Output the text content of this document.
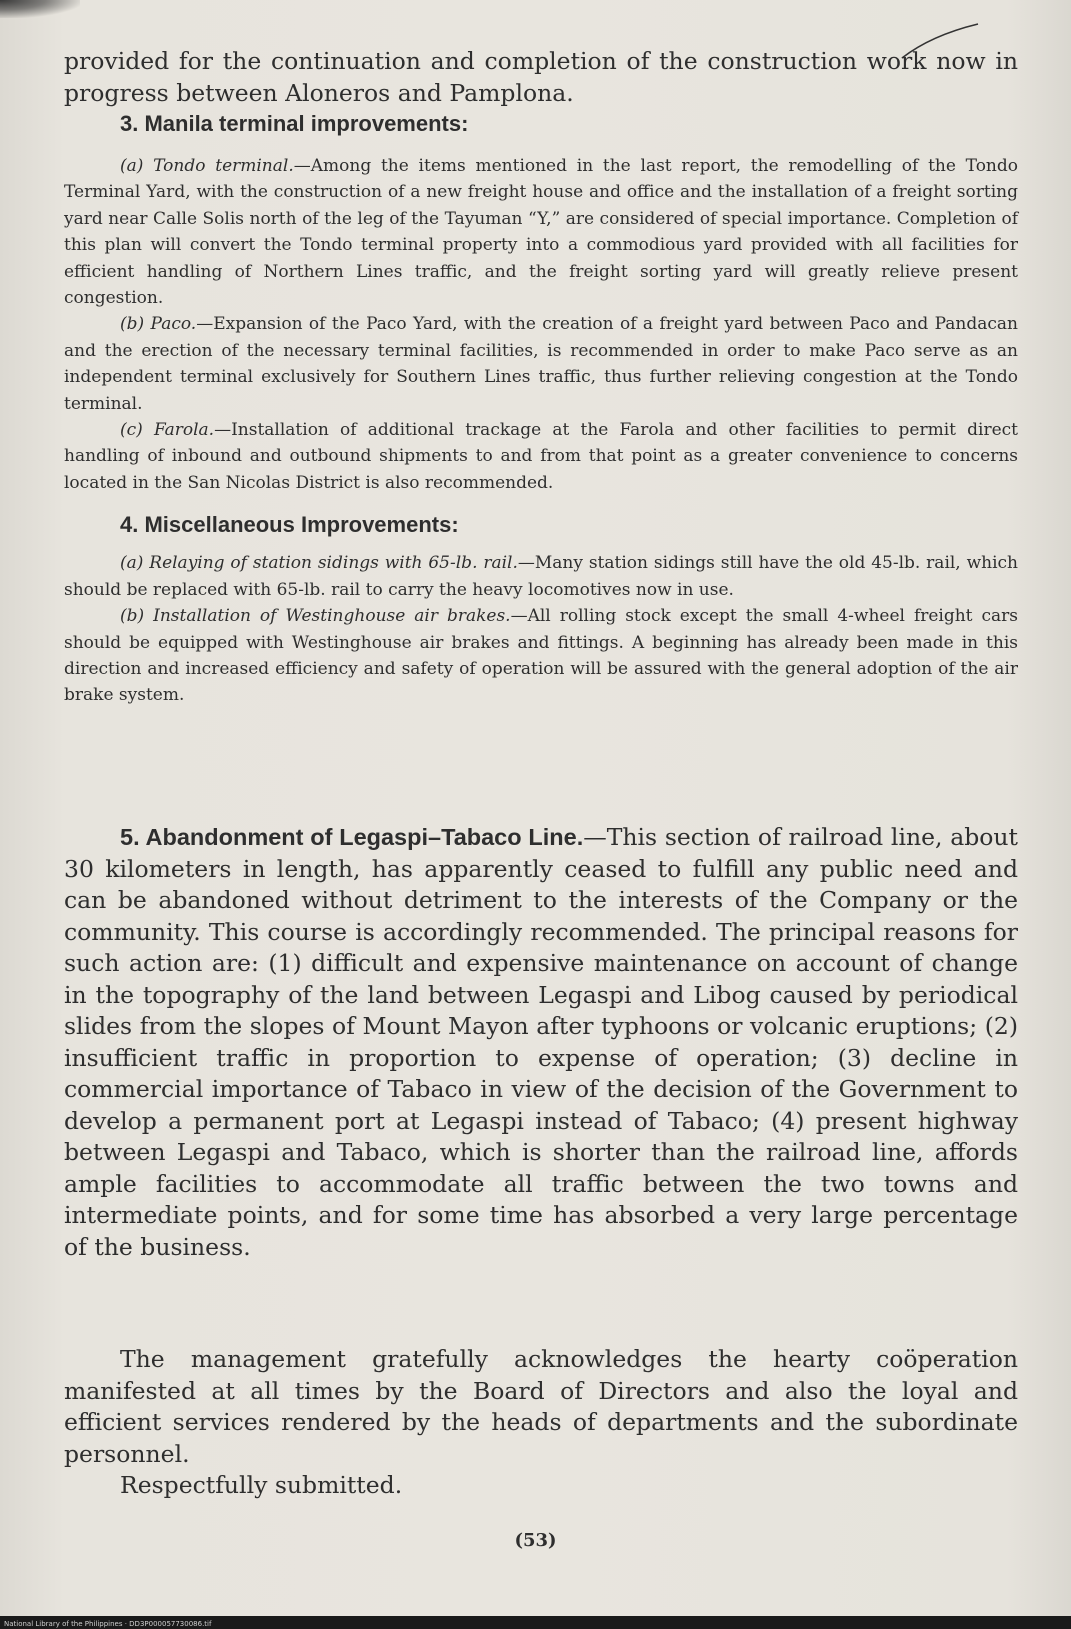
provided for the continuation and completion of the construction work now in progress between Aloneros and Pamplona.

3. Manila terminal improvements:

(a) Tondo terminal.—Among the items mentioned in the last report, the remodelling of the Tondo Terminal Yard, with the construction of a new freight house and office and the installation of a freight sorting yard near Calle Solis north of the leg of the Tayuman “Y,” are considered of special importance. Completion of this plan will convert the Tondo terminal property into a commodious yard provided with all facilities for efficient handling of Northern Lines traffic, and the freight sorting yard will greatly relieve present congestion.

(b) Paco.—Expansion of the Paco Yard, with the creation of a freight yard between Paco and Pandacan and the erection of the necessary terminal facilities, is recommended in order to make Paco serve as an independent terminal exclusively for Southern Lines traffic, thus further relieving congestion at the Tondo terminal.

(c) Farola.—Installation of additional trackage at the Farola and other facilities to permit direct handling of inbound and outbound shipments to and from that point as a greater convenience to concerns located in the San Nicolas District is also recommended.

4. Miscellaneous Improvements:

(a) Relaying of station sidings with 65-lb. rail.—Many station sidings still have the old 45-lb. rail, which should be replaced with 65-lb. rail to carry the heavy locomotives now in use.

(b) Installation of Westinghouse air brakes.—All rolling stock except the small 4-wheel freight cars should be equipped with Westinghouse air brakes and fittings. A beginning has already been made in this direction and increased efficiency and safety of operation will be assured with the general adoption of the air brake system.

5. Abandonment of Legaspi–Tabaco Line.—This section of railroad line, about 30 kilometers in length, has apparently ceased to fulfill any public need and can be abandoned without detriment to the interests of the Company or the community. This course is accordingly recommended. The principal reasons for such action are: (1) difficult and expensive maintenance on account of change in the topography of the land between Legaspi and Libog caused by periodical slides from the slopes of Mount Mayon after typhoons or volcanic eruptions; (2) insufficient traffic in proportion to expense of operation; (3) decline in commercial importance of Tabaco in view of the decision of the Government to develop a permanent port at Legaspi instead of Tabaco; (4) present highway between Legaspi and Tabaco, which is shorter than the railroad line, affords ample facilities to accommodate all traffic between the two towns and intermediate points, and for some time has absorbed a very large percentage of the business.

The management gratefully acknowledges the hearty coöperation manifested at all times by the Board of Directors and also the loyal and efficient services rendered by the heads of departments and the subordinate personnel.

Respectfully submitted.

(53)
National Library of the Philippines · DD3P000057730086.tif
